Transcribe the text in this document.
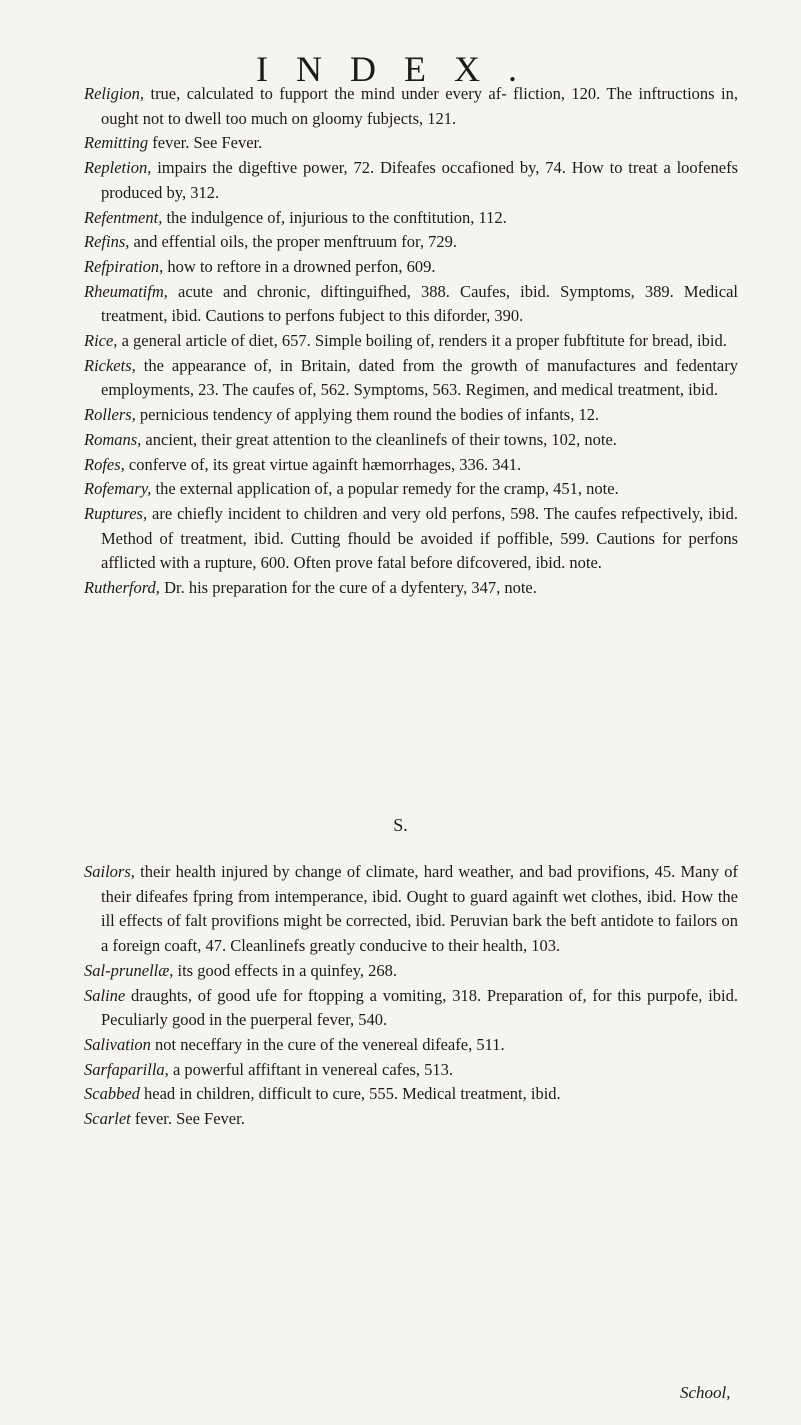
INDEX.

Religion, true, calculated to fupport the mind under every af- fliction, 120. The inftructions in, ought not to dwell too much on gloomy fubjects, 121.

Remitting fever. See Fever.

Repletion, impairs the digeftive power, 72. Difeafes occafioned by, 74. How to treat a loofenefs produced by, 312.

Refentment, the indulgence of, injurious to the conftitution, 112.

Refins, and effential oils, the proper menftruum for, 729.

Refpiration, how to reftore in a drowned perfon, 609.

Rheumatifm, acute and chronic, diftinguifhed, 388. Caufes, ibid. Symptoms, 389. Medical treatment, ibid. Cautions to perfons fubject to this diforder, 390.

Rice, a general article of diet, 657. Simple boiling of, renders it a proper fubftitute for bread, ibid.

Rickets, the appearance of, in Britain, dated from the growth of manufactures and fedentary employments, 23. The caufes of, 562. Symptoms, 563. Regimen, and medical treatment, ibid.

Rollers, pernicious tendency of applying them round the bodies of infants, 12.

Romans, ancient, their great attention to the cleanlinefs of their towns, 102, note.

Rofes, conferve of, its great virtue againft hæmorrhages, 336. 341.

Rofemary, the external application of, a popular remedy for the cramp, 451, note.

Ruptures, are chiefly incident to children and very old perfons, 598. The caufes refpectively, ibid. Method of treatment, ibid. Cutting fhould be avoided if poffible, 599. Cautions for perfons afflicted with a rupture, 600. Often prove fatal before difcovered, ibid. note.

Rutherford, Dr. his preparation for the cure of a dyfentery, 347, note.

S.

Sailors, their health injured by change of climate, hard weather, and bad provifions, 45. Many of their difeafes fpring from intemperance, ibid. Ought to guard againft wet clothes, ibid. How the ill effects of falt provifions might be corrected, ibid. Peruvian bark the beft antidote to failors on a foreign coaft, 47. Cleanlinefs greatly conducive to their health, 103.

Sal-prunellæ, its good effects in a quinfey, 268.

Saline draughts, of good ufe for ftopping a vomiting, 318. Preparation of, for this purpofe, ibid. Peculiarly good in the puerperal fever, 540.

Salivation not neceffary in the cure of the venereal difeafe, 511.

Sarfaparilla, a powerful affiftant in venereal cafes, 513.

Scabbed head in children, difficult to cure, 555. Medical treatment, ibid.

Scarlet fever. See Fever.

School,
